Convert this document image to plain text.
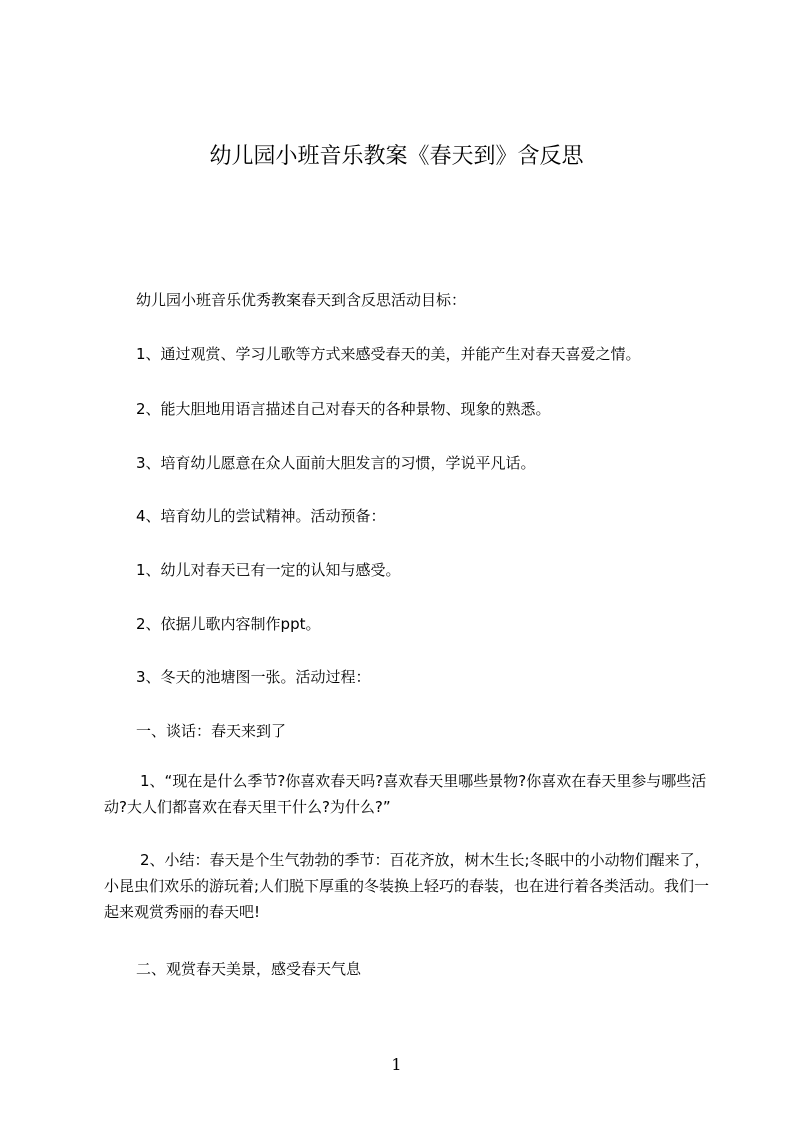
幼儿园小班音乐教案《春天到》含反思
幼儿园小班音乐优秀教案春天到含反思活动目标：
1、通过观赏、学习儿歌等方式来感受春天的美，并能产生对春天喜爱之情。
2、能大胆地用语言描述自己对春天的各种景物、现象的熟悉。
3、培育幼儿愿意在众人面前大胆发言的习惯，学说平凡话。
4、培育幼儿的尝试精神。活动预备：
1、幼儿对春天已有一定的认知与感受。
2、依据儿歌内容制作ppt。
3、冬天的池塘图一张。活动过程：
一、谈话：春天来到了
1、“现在是什么季节?你喜欢春天吗?喜欢春天里哪些景物?你喜欢在春天里参与哪些活动?大人们都喜欢在春天里干什么?为什么?”
2、小结：春天是个生气勃勃的季节：百花齐放，树木生长;冬眠中的小动物们醒来了，小昆虫们欢乐的游玩着;人们脱下厚重的冬装换上轻巧的春装，也在进行着各类活动。我们一起来观赏秀丽的春天吧!
二、观赏春天美景，感受春天气息
1
